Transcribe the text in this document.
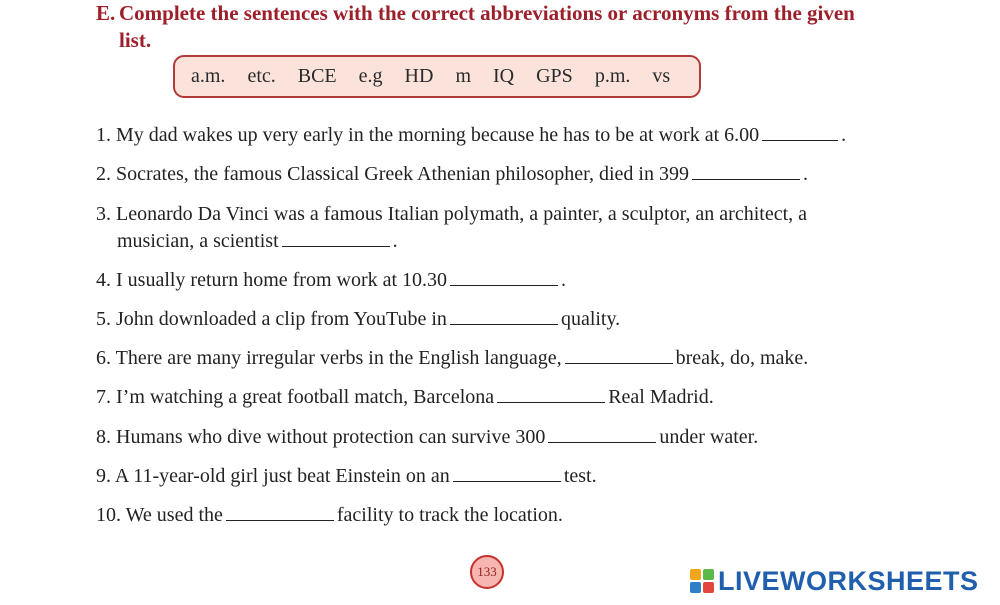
E. Complete the sentences with the correct abbreviations or acronyms from the given
list.
a.m. etc. BCE e.g HD m IQ GPS p.m. vs
1. My dad wakes up very early in the morning because he has to be at work at 6.00	.
2. Socrates, the famous Classical Greek Athenian philosopher, died in 399	.
3. Leonardo Da Vinci was a famous Italian polymath, a painter, a sculptor, an architect, a
musician, a scientist	.
4. I usually return home from work at 10.30	.
5. John downloaded a clip from YouTube in	quality.
6. There are many irregular verbs in the English language,	break, do, make.
7. I’m watching a great football match, Barcelona	Real Madrid.
8. Humans who dive without protection can survive 300	under water.
9. A 11-year-old girl just beat Einstein on an	test.
10. We used the	facility to track the location.
133	LIVEWORKSHEETS
